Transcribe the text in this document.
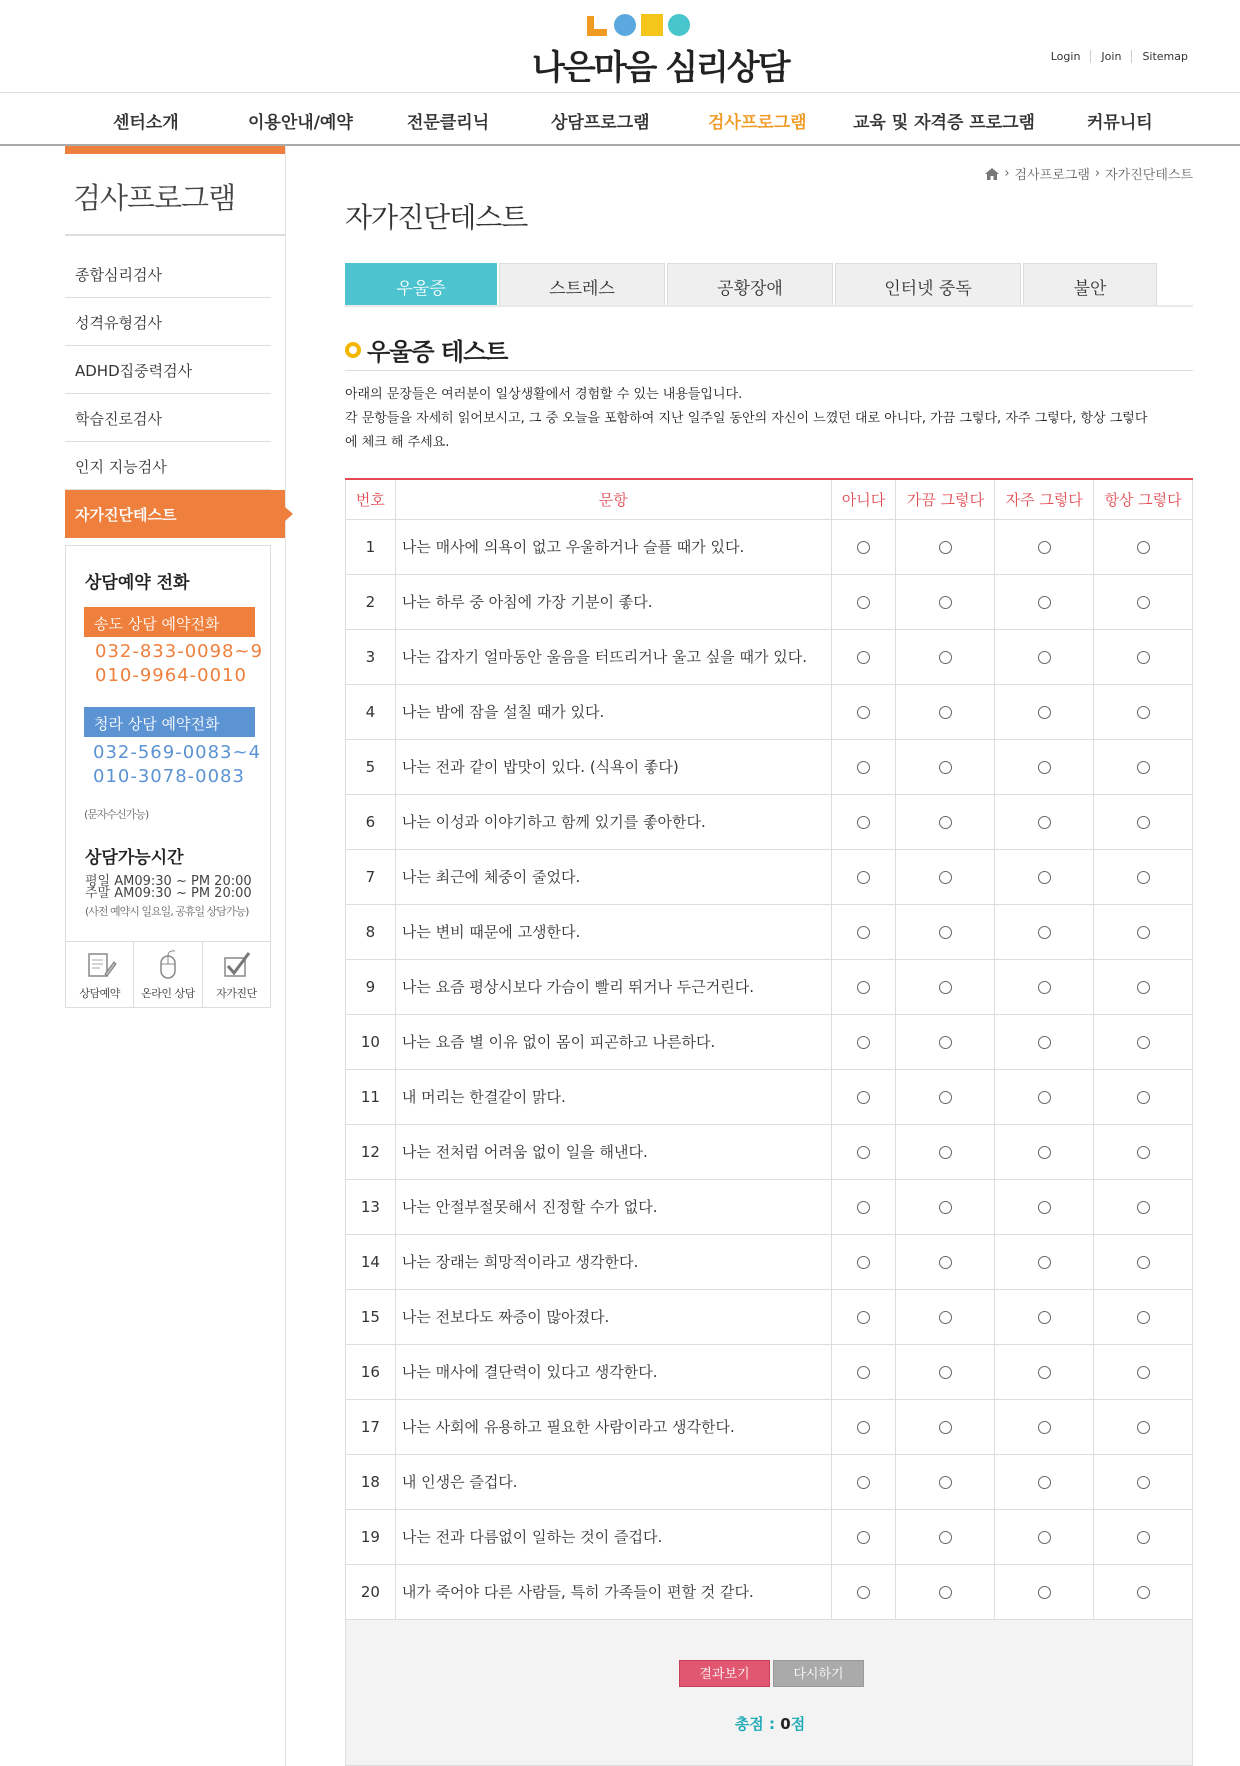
나은마음 심리상담	Login	Join	Sitemap
센터소개	이용안내/예약	전문클리닉	상담프로그램	검사프로그램	교육 및 자격증 프로그램	커뮤니티
검사프로그램
종합심리검사
성격유형검사
ADHD집중력검사
학습진로검사
인지 지능검사
자가진단테스트
상담예약 전화
송도 상담 예약전화
032-833-0098~9
010-9964-0010
청라 상담 예약전화
032-569-0083~4
010-3078-0083
(문자수신가능)
상담가능시간
평일 AM09:30 ~ PM 20:00
주말 AM09:30 ~ PM 20:00
(사전 예약시 일요일, 공휴일 상담가능)
상담예약	온라인 상담	자가진단
› 검사프로그램 › 자가진단테스트
자가진단테스트
우울증	스트레스	공황장애	인터넷 중독	불안
우울증 테스트
아래의 문장들은 여러분이 일상생활에서 경험할 수 있는 내용들입니다.
각 문항들을 자세히 읽어보시고, 그 중 오늘을 포함하여 지난 일주일 동안의 자신이 느꼈던 대로 아니다, 가끔 그렇다, 자주 그렇다, 항상 그렇다
에 체크 해 주세요.
번호	문항	아니다	가끔 그렇다	자주 그렇다	항상 그렇다
1	나는 매사에 의욕이 없고 우울하거나 슬플 때가 있다.				
2	나는 하루 중 아침에 가장 기분이 좋다.				
3	나는 갑자기 얼마동안 울음을 터뜨리거나 울고 싶을 때가 있다.				
4	나는 밤에 잠을 설칠 때가 있다.				
5	나는 전과 같이 밥맛이 있다. (식욕이 좋다)				
6	나는 이성과 이야기하고 함께 있기를 좋아한다.				
7	나는 최근에 체중이 줄었다.				
8	나는 변비 때문에 고생한다.				
9	나는 요즘 평상시보다 가슴이 빨리 뛰거나 두근거린다.				
10	나는 요즘 별 이유 없이 몸이 피곤하고 나른하다.				
11	내 머리는 한결같이 맑다.				
12	나는 전처럼 어려움 없이 일을 해낸다.				
13	나는 안절부절못해서 진정할 수가 없다.				
14	나는 장래는 희망적이라고 생각한다.				
15	나는 전보다도 짜증이 많아졌다.				
16	나는 매사에 결단력이 있다고 생각한다.				
17	나는 사회에 유용하고 필요한 사람이라고 생각한다.				
18	내 인생은 즐겁다.				
19	나는 전과 다름없이 일하는 것이 즐겁다.				
20	내가 죽어야 다른 사람들, 특히 가족들이 편할 것 같다.				
결과보기	다시하기
총점 : 0점
